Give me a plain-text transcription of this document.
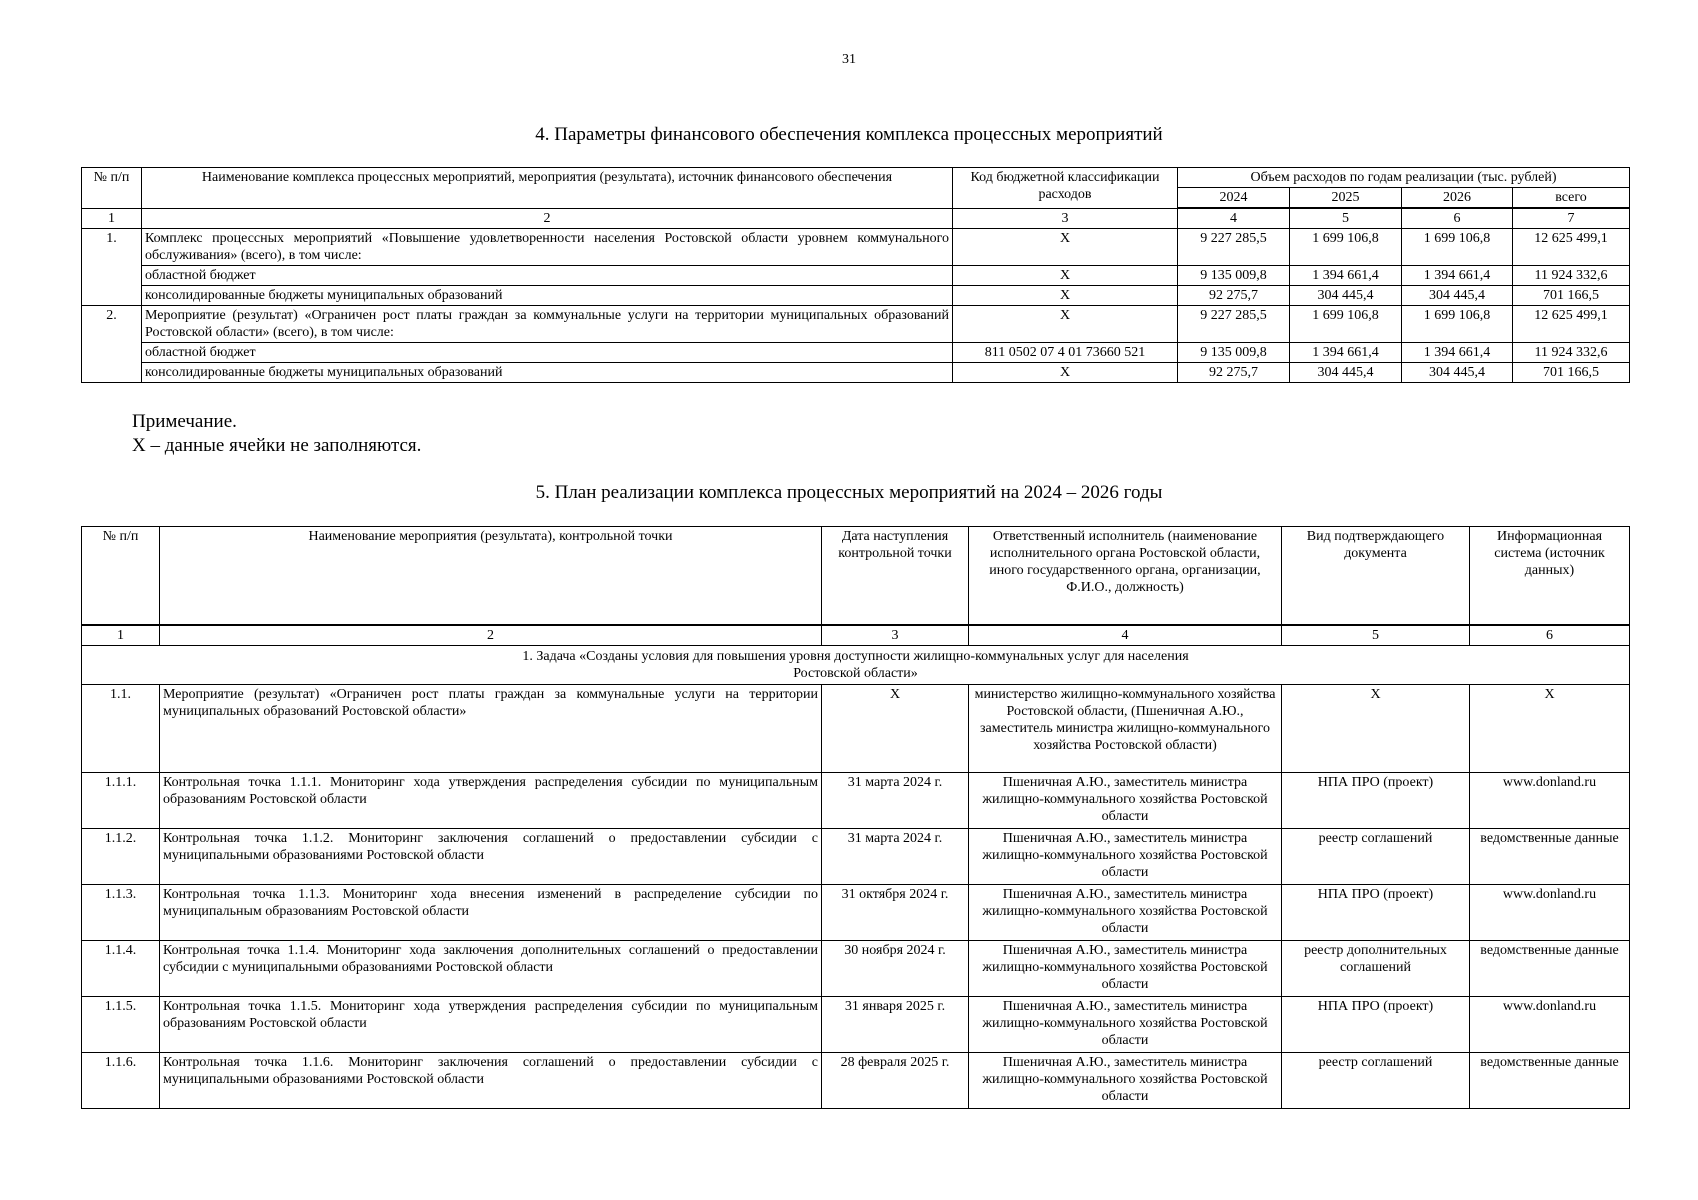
31
4. Параметры финансового обеспечения комплекса процессных мероприятий
№ п/п	Наименование комплекса процессных мероприятий, мероприятия (результата), источник финансового обеспечения	Код бюджетной классификации расходов	Объем расходов по годам реализации (тыс. рублей)			
			2024	2025	2026	всего
1	2	3	4	5	6	7
1.	Комплекс процессных мероприятий «Повышение удовлетворенности населения Ростовской области уровнем коммунального обслуживания» (всего), в том числе:	X	9 227 285,5	1 699 106,8	1 699 106,8	12 625 499,1
	областной бюджет	X	9 135 009,8	1 394 661,4	1 394 661,4	11 924 332,6
	консолидированные бюджеты муниципальных образований	X	92 275,7	304 445,4	304 445,4	701 166,5
2.	Мероприятие (результат) «Ограничен рост платы граждан за коммунальные услуги на территории муниципальных образований Ростовской области» (всего), в том числе:	X	9 227 285,5	1 699 106,8	1 699 106,8	12 625 499,1
	областной бюджет	811 0502 07 4 01 73660 521	9 135 009,8	1 394 661,4	1 394 661,4	11 924 332,6
	консолидированные бюджеты муниципальных образований	X	92 275,7	304 445,4	304 445,4	701 166,5
Примечание.
X – данные ячейки не заполняются.
5. План реализации комплекса процессных мероприятий на 2024 – 2026 годы
№ п/п	Наименование мероприятия (результата), контрольной точки	Дата наступления контрольной точки	Ответственный исполнитель (наименование исполнительного органа Ростовской области, иного государственного органа, организации, Ф.И.О., должность)	Вид подтверждающего документа	Информационная система (источник данных)
1	2	3	4	5	6
1. Задача «Созданы условия для повышения уровня доступности жилищно-коммунальных услуг для населения Ростовской области»					
1.1.	Мероприятие (результат) «Ограничен рост платы граждан за коммунальные услуги на территории муниципальных образований Ростовской области»	X	министерство жилищно-коммунального хозяйства Ростовской области, (Пшеничная А.Ю., заместитель министра жилищно-коммунального хозяйства Ростовской области)	X	X
1.1.1.	Контрольная точка 1.1.1. Мониторинг хода утверждения распределения субсидии по муниципальным образованиям Ростовской области	31 марта 2024 г.	Пшеничная А.Ю., заместитель министра жилищно-коммунального хозяйства Ростовской области	НПА ПРО (проект)	www.donland.ru
1.1.2.	Контрольная точка 1.1.2. Мониторинг заключения соглашений о предоставлении субсидии с муниципальными образованиями Ростовской области	31 марта 2024 г.	Пшеничная А.Ю., заместитель министра жилищно-коммунального хозяйства Ростовской области	реестр соглашений	ведомственные данные
1.1.3.	Контрольная точка 1.1.3. Мониторинг хода внесения изменений в распределение субсидии по муниципальным образованиям Ростовской области	31 октября 2024 г.	Пшеничная А.Ю., заместитель министра жилищно-коммунального хозяйства Ростовской области	НПА ПРО (проект)	www.donland.ru
1.1.4.	Контрольная точка 1.1.4. Мониторинг хода заключения дополнительных соглашений о предоставлении субсидии с муниципальными образованиями Ростовской области	30 ноября 2024 г.	Пшеничная А.Ю., заместитель министра жилищно-коммунального хозяйства Ростовской области	реестр дополнительных соглашений	ведомственные данные
1.1.5.	Контрольная точка 1.1.5. Мониторинг хода утверждения распределения субсидии по муниципальным образованиям Ростовской области	31 января 2025 г.	Пшеничная А.Ю., заместитель министра жилищно-коммунального хозяйства Ростовской области	НПА ПРО (проект)	www.donland.ru
1.1.6.	Контрольная точка 1.1.6. Мониторинг заключения соглашений о предоставлении субсидии с муниципальными образованиями Ростовской области	28 февраля 2025 г.	Пшеничная А.Ю., заместитель министра жилищно-коммунального хозяйства Ростовской области	реестр соглашений	ведомственные данные
